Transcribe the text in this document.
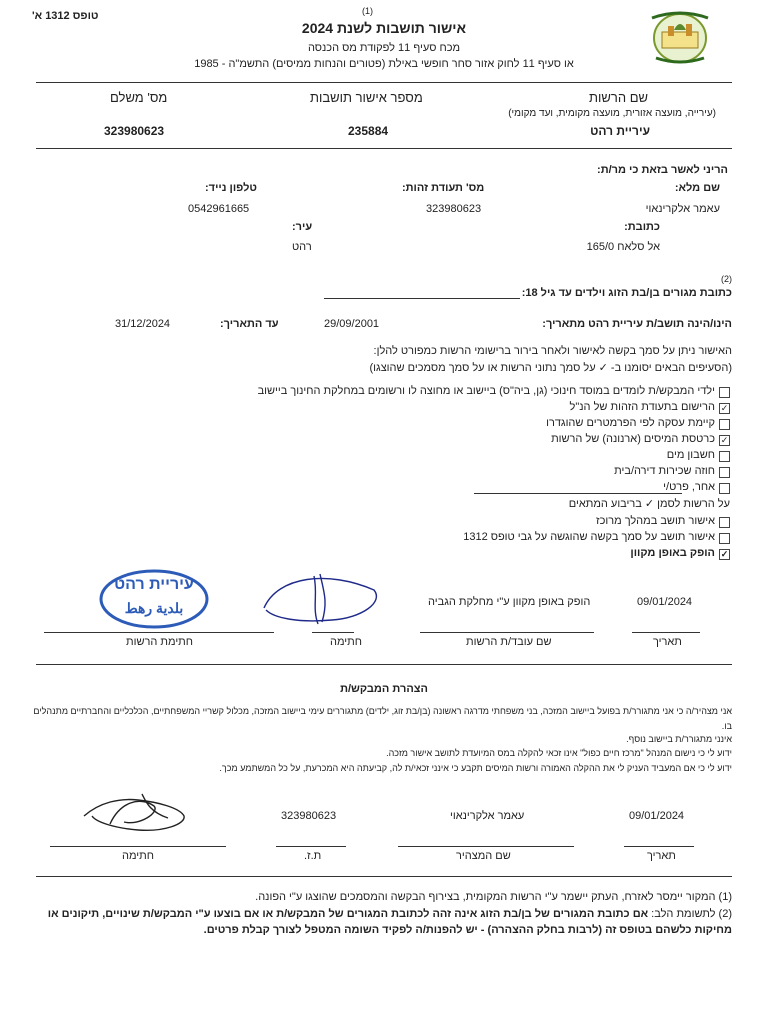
טופס 1312 א'	(1)
אישור תושבות לשנת 2024
מכח סעיף 11 לפקודת מס הכנסה
או סעיף 11 לחוק אזור סחר חופשי באילת (פטורים והנחות ממיסים) התשמ"ה - 1985
שם הרשות
(עירייה, מועצה אזורית, מועצה מקומית, ועד מקומי)
עיריית רהט
מספר אישור תושבות
235884
מס' משלם
323980623
הריני לאשר בזאת כי מר/ת:
שם מלא:
עאמר אלקרינאוי
מס' תעודת זהות:
323980623
טלפון נייד:
0542961665
כתובת:
אל סלאח 165/0
עיר:
רהט
(2)
כתובת מגורים בן/בת הזוג וילדים עד גיל 18:
הינו/הינה תושב/ת עיריית רהט מתאריך:
29/09/2001
עד התאריך:
31/12/2024
האישור ניתן על סמך בקשה לאישור ולאחר בירור ברישומי הרשות כמפורט להלן:
(הסעיפים הבאים יסומנו ב- ✓ על סמך נתוני הרשות או על סמך מסמכים שהוצגו)
ילדי המבקש/ת לומדים במוסד חינוכי (גן, ביה"ס) ביישוב או מחוצה לו ורשומים במחלקת החינוך ביישוב
✓
הרישום בתעודת הזהות של הנ"ל
קיימת עסקה לפי הפרמטרים שהוגדרו
✓
כרטסת המיסים (ארנונה) של הרשות
חשבון מים
חוזה שכירות דירה/בית
אחר, פרט/י
על הרשות לסמן ✓ בריבוע המתאים
אישור תושב במהלך מרוכז
אישור תושב על סמך בקשה שהוגשה על גבי טופס 1312
✓
הופק באופן מקוון
09/01/2024
הופק באופן מקוון ע"י מחלקת הגביה
עיריית רהט
بلدية رهط
תאריך
שם עובד/ת הרשות
חתימה
חתימת הרשות
הצהרת המבקש/ת
אני מצהיר/ה כי אני מתגורר/ת בפועל ביישוב המזכה, בני משפחתי מדרגה ראשונה (בן/בת זוג, ילדים) מתגוררים עימי ביישוב המזכה, מכלול קשריי המשפחתיים, הכלכליים והחברתיים מתנהלים בו.
אינני מתגורר/ת ביישוב נוסף.
ידוע לי כי נישום המנהל "מרכז חיים כפול" אינו זכאי להקלה במס המיועדת לתושב אישור מזכה.
ידוע לי כי אם המעביד העניק לי את ההקלה האמורה ורשות המיסים תקבע כי אינני זכאי/ת לה, קביעתה היא המכרעת, על כל המשתמע מכך.
09/01/2024
עאמר אלקרינאוי
323980623
תאריך
שם המצהיר
ת.ז.
חתימה
(1) המקור יימסר לאזרח, העתק יישמר ע"י הרשות המקומית, בצירוף הבקשה והמסמכים שהוצגו ע"י הפונה.
(2) לתשומת הלב: אם כתובת המגורים של בן/בת הזוג אינה זהה לכתובת המגורים של המבקש/ת או אם בוצעו ע"י המבקש/ת שינויים, תיקונים או מחיקות כלשהם בטופס זה (לרבות בחלק ההצהרה) - יש להפנות/ה לפקיד השומה המטפל לצורך קבלת פרטים.
